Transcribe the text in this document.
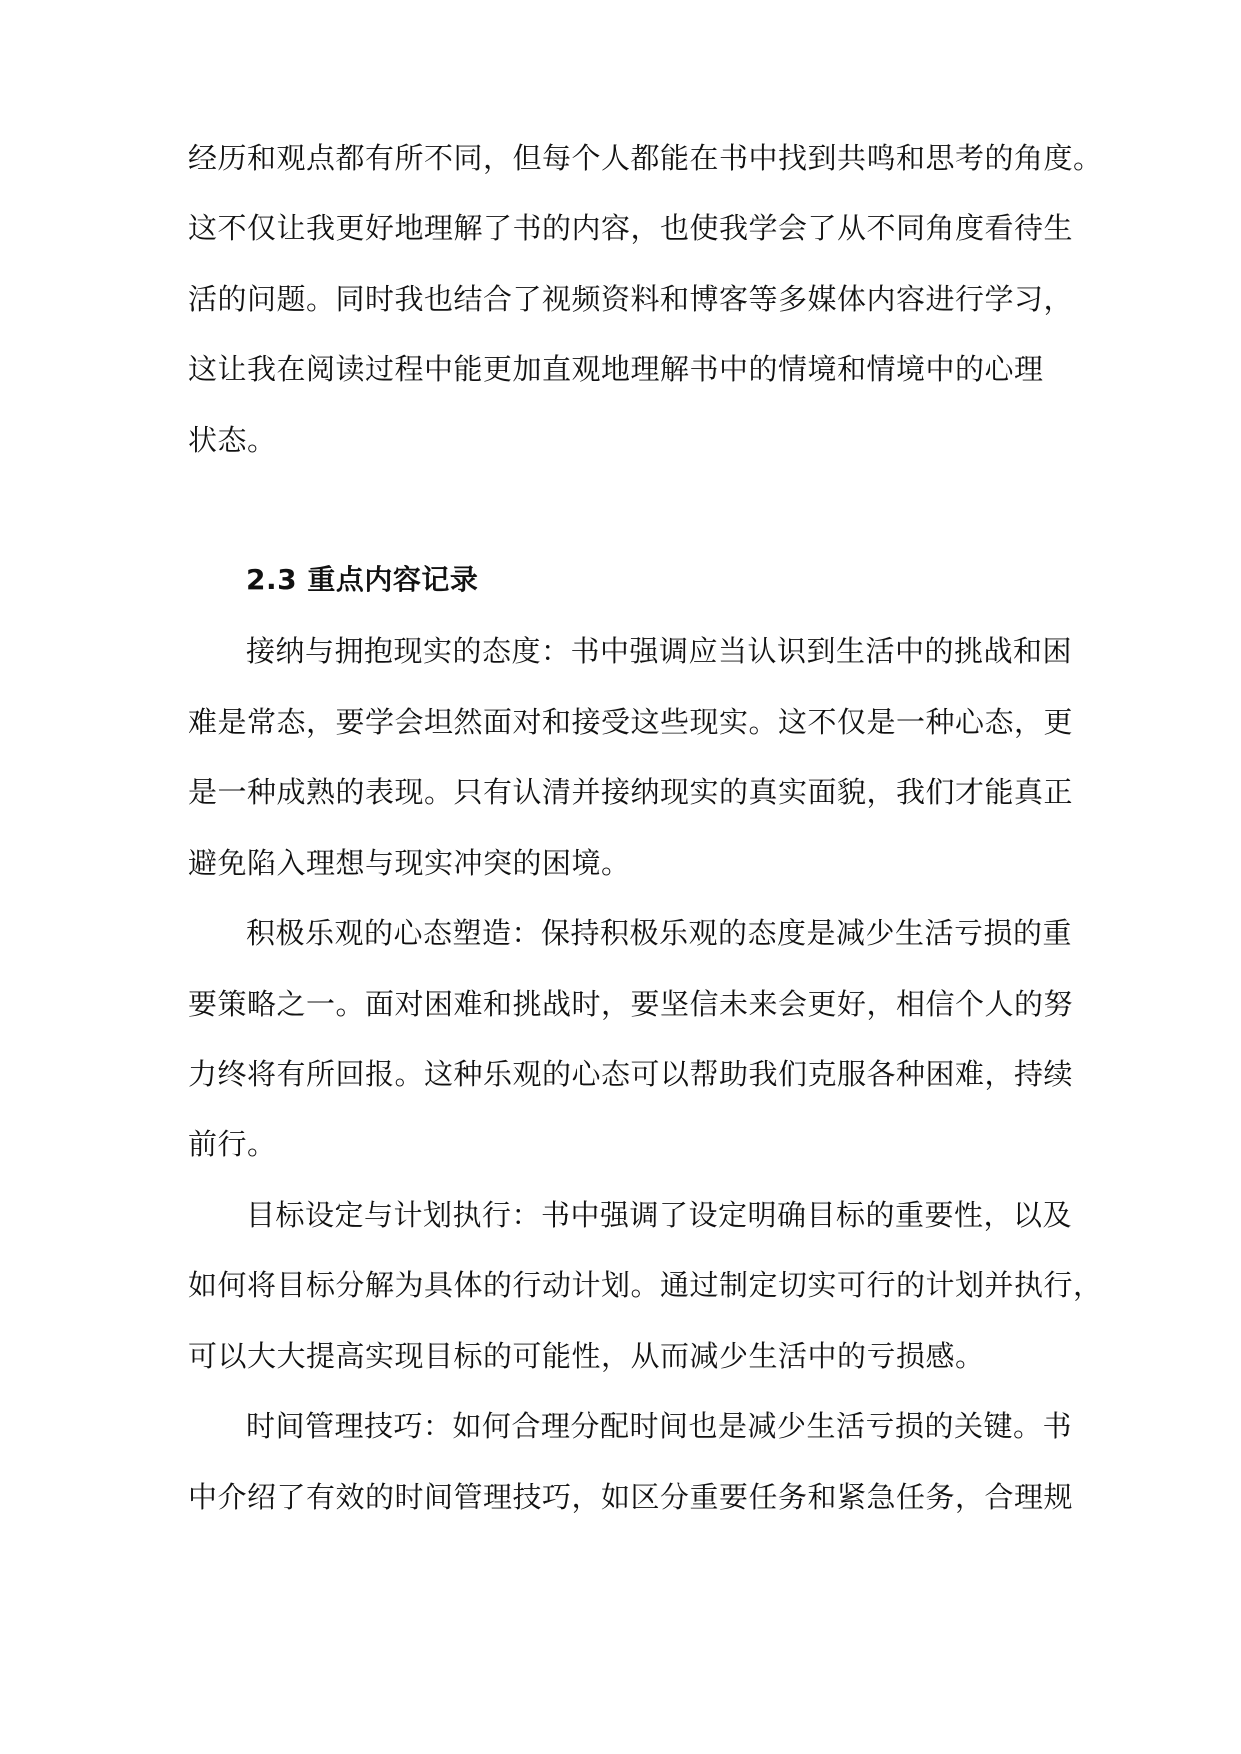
经历和观点都有所不同，但每个人都能在书中找到共鸣和思考的角度。
这不仅让我更好地理解了书的内容，也使我学会了从不同角度看待生
活的问题。同时我也结合了视频资料和博客等多媒体内容进行学习，
这让我在阅读过程中能更加直观地理解书中的情境和情境中的心理
状态。
2.3 重点内容记录
接纳与拥抱现实的态度：书中强调应当认识到生活中的挑战和困
难是常态，要学会坦然面对和接受这些现实。这不仅是一种心态，更
是一种成熟的表现。只有认清并接纳现实的真实面貌，我们才能真正
避免陷入理想与现实冲突的困境。
积极乐观的心态塑造：保持积极乐观的态度是减少生活亏损的重
要策略之一。面对困难和挑战时，要坚信未来会更好，相信个人的努
力终将有所回报。这种乐观的心态可以帮助我们克服各种困难，持续
前行。
目标设定与计划执行：书中强调了设定明确目标的重要性，以及
如何将目标分解为具体的行动计划。通过制定切实可行的计划并执行，
可以大大提高实现目标的可能性，从而减少生活中的亏损感。
时间管理技巧：如何合理分配时间也是减少生活亏损的关键。书
中介绍了有效的时间管理技巧，如区分重要任务和紧急任务，合理规
